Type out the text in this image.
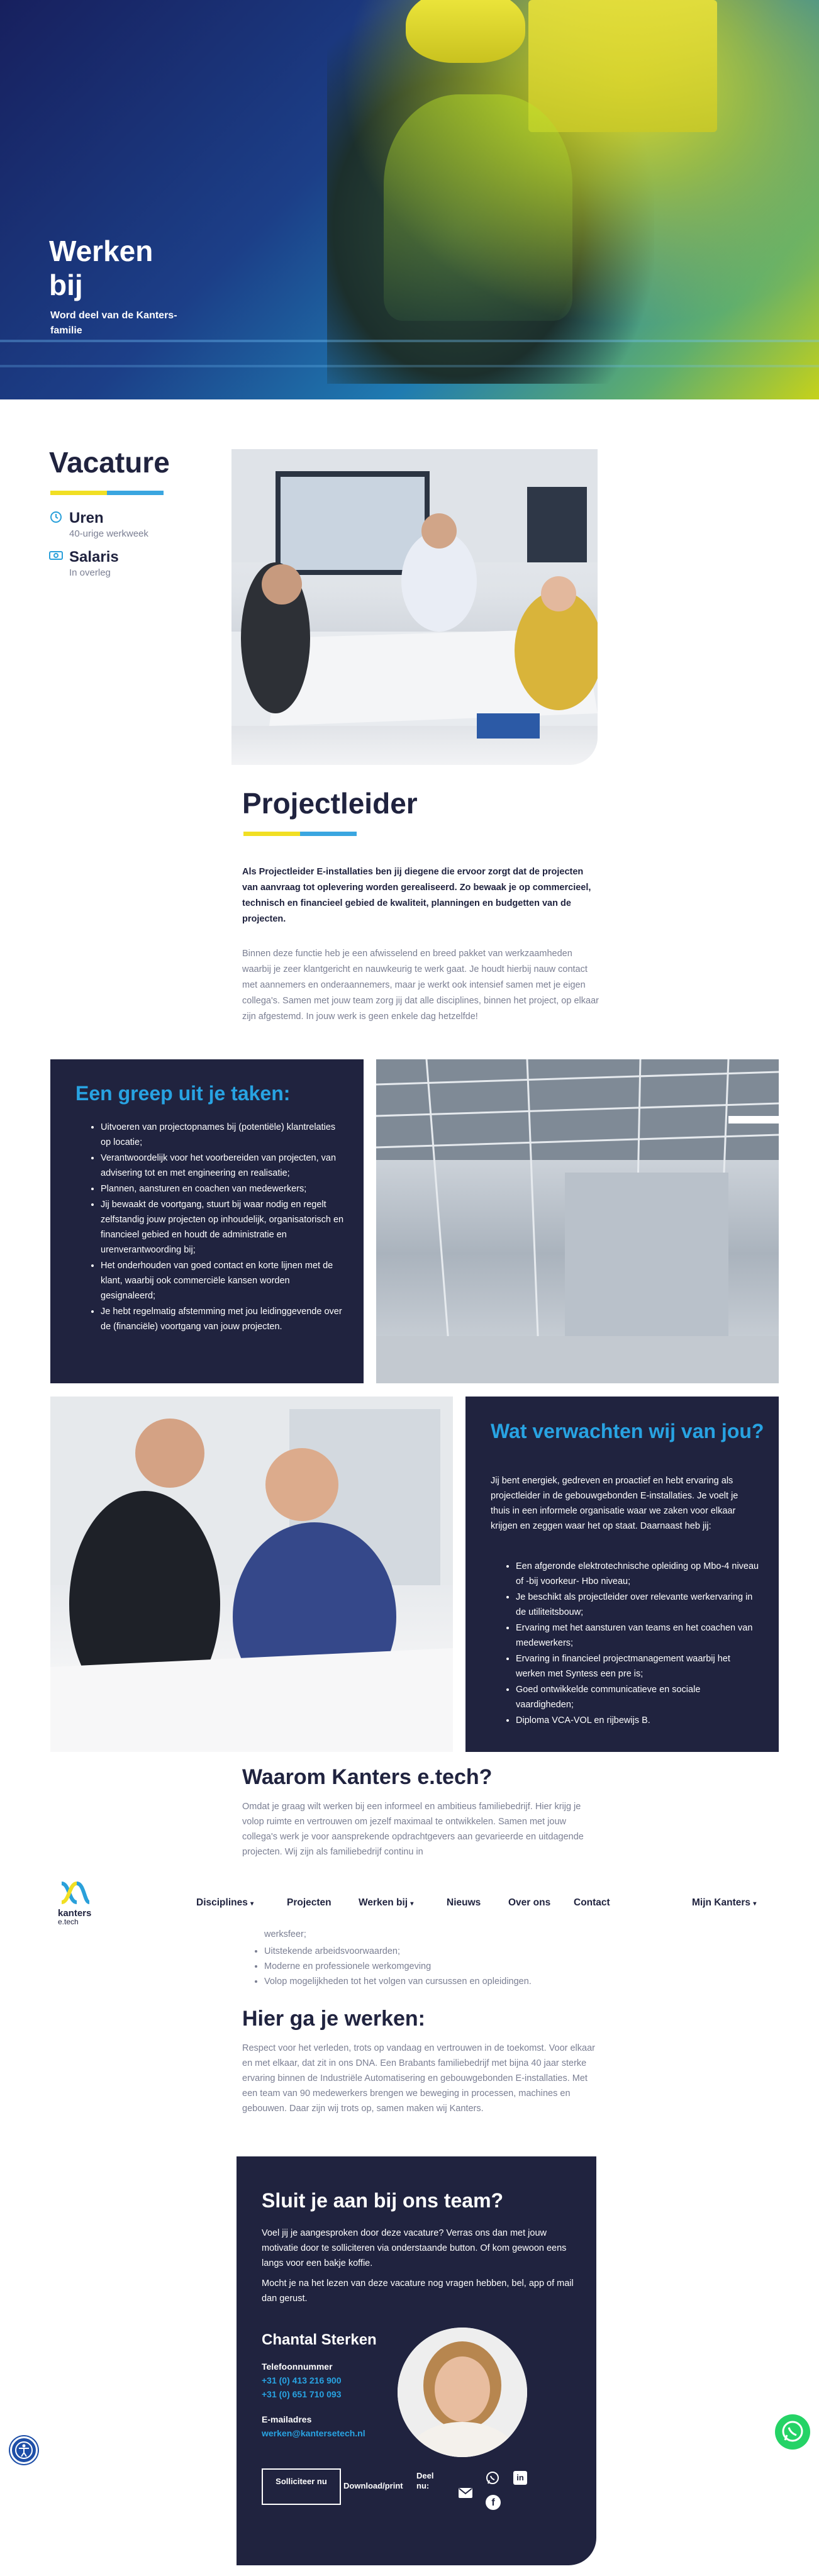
Werken bij
Word deel van de Kanters-familie
Vacature
Uren
40-urige werkweek
Salaris
In overleg
Projectleider
Als Projectleider E-installaties ben jij diegene die ervoor zorgt dat de projecten van aanvraag tot oplevering worden gerealiseerd. Zo bewaak je op commercieel, technisch en financieel gebied de kwaliteit, planningen en budgetten van de projecten.
Binnen deze functie heb je een afwisselend en breed pakket van werkzaamheden waarbij je zeer klantgericht en nauwkeurig te werk gaat. Je houdt hierbij nauw contact met aannemers en onderaannemers, maar je werkt ook intensief samen met je eigen collega's. Samen met jouw team zorg jij dat alle disciplines, binnen het project, op elkaar zijn afgestemd. In jouw werk is geen enkele dag hetzelfde!
Een greep uit je taken:
• Uitvoeren van projectopnames bij (potentiële) klantrelaties op locatie;
• Verantwoordelijk voor het voorbereiden van projecten, van advisering tot en met engineering en realisatie;
• Plannen, aansturen en coachen van medewerkers;
• Jij bewaakt de voortgang, stuurt bij waar nodig en regelt zelfstandig jouw projecten op inhoudelijk, organisatorisch en financieel gebied en houdt de administratie en urenverantwoording bij;
• Het onderhouden van goed contact en korte lijnen met de klant, waarbij ook commerciële kansen worden gesignaleerd;
• Je hebt regelmatig afstemming met jou leidinggevende over de (financiële) voortgang van jouw projecten.
Wat verwachten wij van jou?
Jij bent energiek, gedreven en proactief en hebt ervaring als projectleider in de gebouwgebonden E-installaties. Je voelt je thuis in een informele organisatie waar we zaken voor elkaar krijgen en zeggen waar het op staat. Daarnaast heb jij:
• Een afgeronde elektrotechnische opleiding op Mbo-4 niveau of -bij voorkeur- Hbo niveau;
• Je beschikt als projectleider over relevante werkervaring in de utiliteitsbouw;
• Ervaring met het aansturen van teams en het coachen van medewerkers;
• Ervaring in financieel projectmanagement waarbij het werken met Syntess een pre is;
• Goed ontwikkelde communicatieve en sociale vaardigheden;
• Diploma VCA-VOL en rijbewijs B.
Waarom Kanters e.tech?
Omdat je graag wilt werken bij een informeel en ambitieus familiebedrijf. Hier krijg je volop ruimte en vertrouwen om jezelf maximaal te ontwikkelen. Samen met jouw collega's werk je voor aansprekende opdrachtgevers aan gevarieerde en uitdagende projecten. Wij zijn als familiebedrijf continu in
kanters
e.tech
Disciplines ▾	Projecten	Werken bij ▾	Nieuws	Over ons Contact	Mijn Kanters ▾
werksfeer;
• Uitstekende arbeidsvoorwaarden;
• Moderne en professionele werkomgeving
• Volop mogelijkheden tot het volgen van cursussen en opleidingen.
Hier ga je werken:
Respect voor het verleden, trots op vandaag en vertrouwen in de toekomst. Voor elkaar en met elkaar, dat zit in ons DNA. Een Brabants familiebedrijf met bijna 40 jaar sterke ervaring binnen de Industriële Automatisering en gebouwgebonden E-installaties. Met een team van 90 medewerkers brengen we beweging in processen, machines en gebouwen. Daar zijn wij trots op, samen maken wij Kanters.
Sluit je aan bij ons team?
Voel jij je aangesproken door deze vacature? Verras ons dan met jouw motivatie door te solliciteren via onderstaande button. Of kom gewoon eens langs voor een bakje koffie.
Mocht je na het lezen van deze vacature nog vragen hebben, bel, app of mail dan gerust.
Chantal Sterken
Telefoonnummer
+31 (0) 413 216 900
+31 (0) 651 710 093
E-mailadres
werken@kantersetech.nl
Solliciteer nu	Download/print
Deel nu:
in
f
